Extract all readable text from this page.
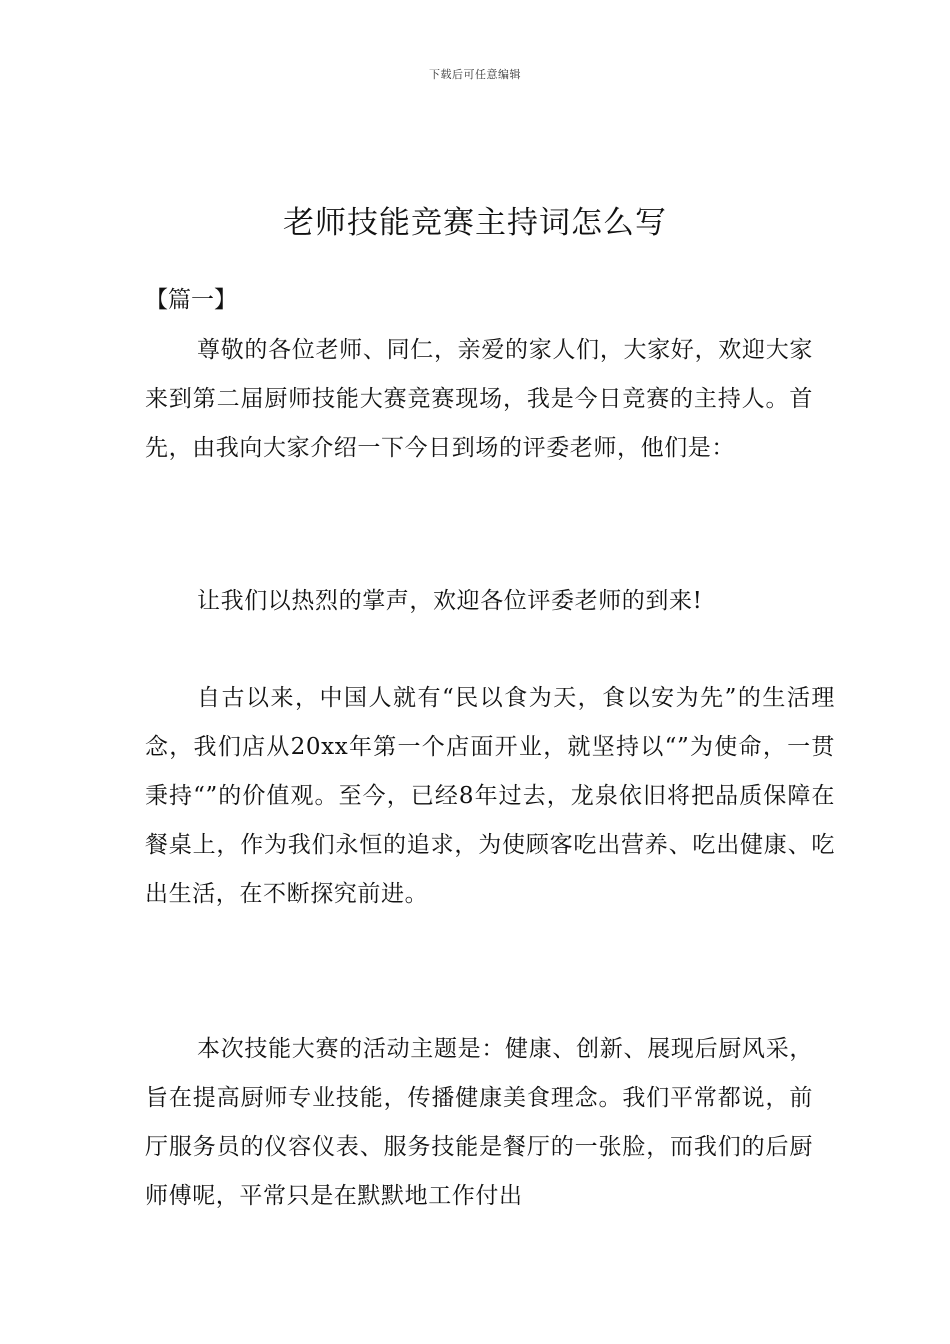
下载后可任意编辑
老师技能竞赛主持词怎么写
【篇一】

尊敬的各位老师、同仁，亲爱的家人们，大家好，欢迎大家来到第二届厨师技能大赛竞赛现场，我是今日竞赛的主持人。首先，由我向大家介绍一下今日到场的评委老师，他们是：

让我们以热烈的掌声，欢迎各位评委老师的到来!

自古以来，中国人就有“民以食为天，食以安为先”的生活理念，我们店从20xx年第一个店面开业，就坚持以“”为使命，一贯秉持“”的价值观。至今，已经8年过去，龙泉依旧将把品质保障在餐桌上，作为我们永恒的追求，为使顾客吃出营养、吃出健康、吃出生活，在不断探究前进。

本次技能大赛的活动主题是：健康、创新、展现后厨风采，旨在提高厨师专业技能，传播健康美食理念。我们平常都说，前厅服务员的仪容仪表、服务技能是餐厅的一张脸，而我们的后厨师傅呢，平常只是在默默地工作付出
